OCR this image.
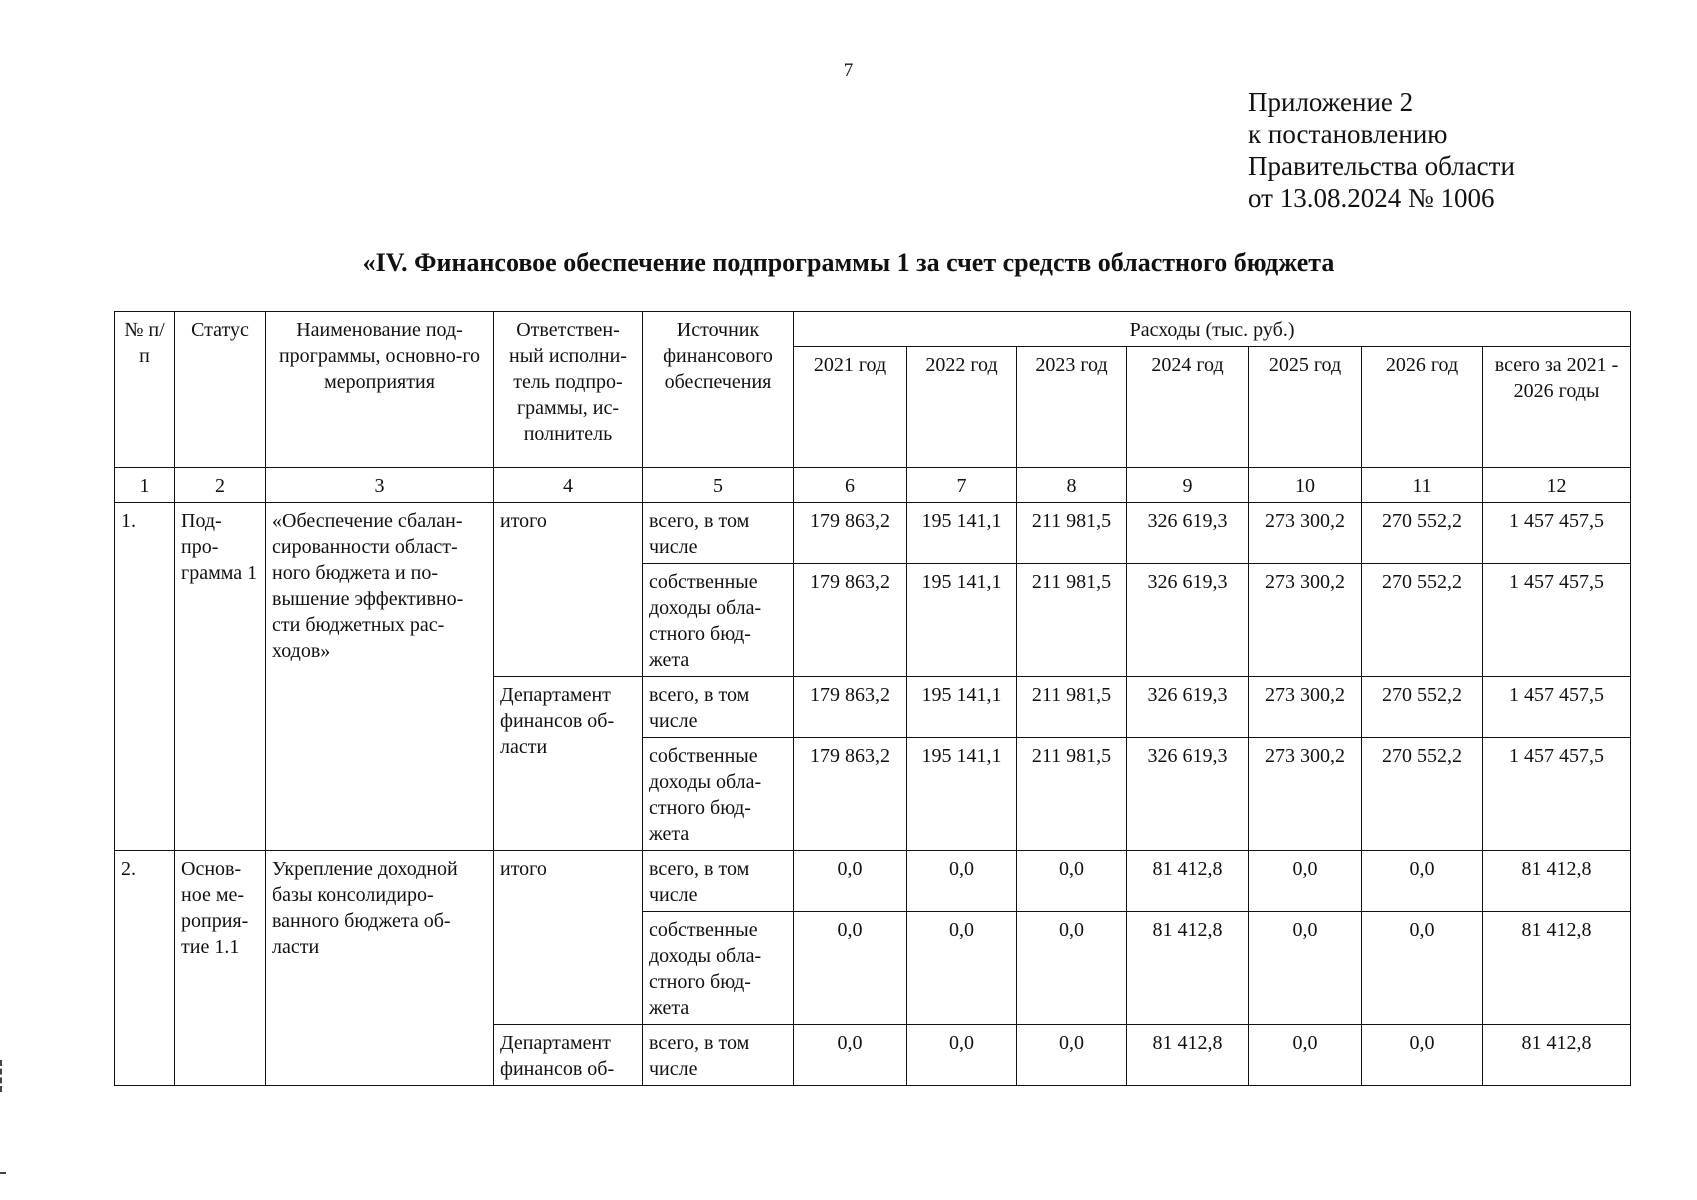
7
Приложение 2
к постановлению
Правительства области
от 13.08.2024 № 1006
«IV. Финансовое обеспечение подпрограммы 1 за счет средств областного бюджета
№ п/п	Статус	Наименование под-программы, основно-го мероприятия	Ответствен-ный исполни-тель подпро-граммы, ис-полнитель	Источник финансового обеспечения	Расходы (тыс. руб.)						
					2021 год	2022 год	2023 год	2024 год	2025 год	2026 год	всего за 2021 - 2026 годы
1	2	3	4	5	6	7	8	9	10	11	12
1.	Под-про-грамма 1	«Обеспечение сбалан-сированности област-ного бюджета и по-вышение эффективно-сти бюджетных рас-ходов»	итого	всего, в том числе	179 863,2	195 141,1	211 981,5	326 619,3	273 300,2	270 552,2	1 457 457,5
				собственные доходы обла-стного бюд-жета	179 863,2	195 141,1	211 981,5	326 619,3	273 300,2	270 552,2	1 457 457,5
			Департамент финансов об-ласти	всего, в том числе	179 863,2	195 141,1	211 981,5	326 619,3	273 300,2	270 552,2	1 457 457,5
				собственные доходы обла-стного бюд-жета	179 863,2	195 141,1	211 981,5	326 619,3	273 300,2	270 552,2	1 457 457,5
2.	Основ-ное ме-роприя-тие 1.1	Укрепление доходной базы консолидиро-ванного бюджета об-ласти	итого	всего, в том числе	0,0	0,0	0,0	81 412,8	0,0	0,0	81 412,8
				собственные доходы обла-стного бюд-жета	0,0	0,0	0,0	81 412,8	0,0	0,0	81 412,8
			Департамент финансов об-	всего, в том числе	0,0	0,0	0,0	81 412,8	0,0	0,0	81 412,8
